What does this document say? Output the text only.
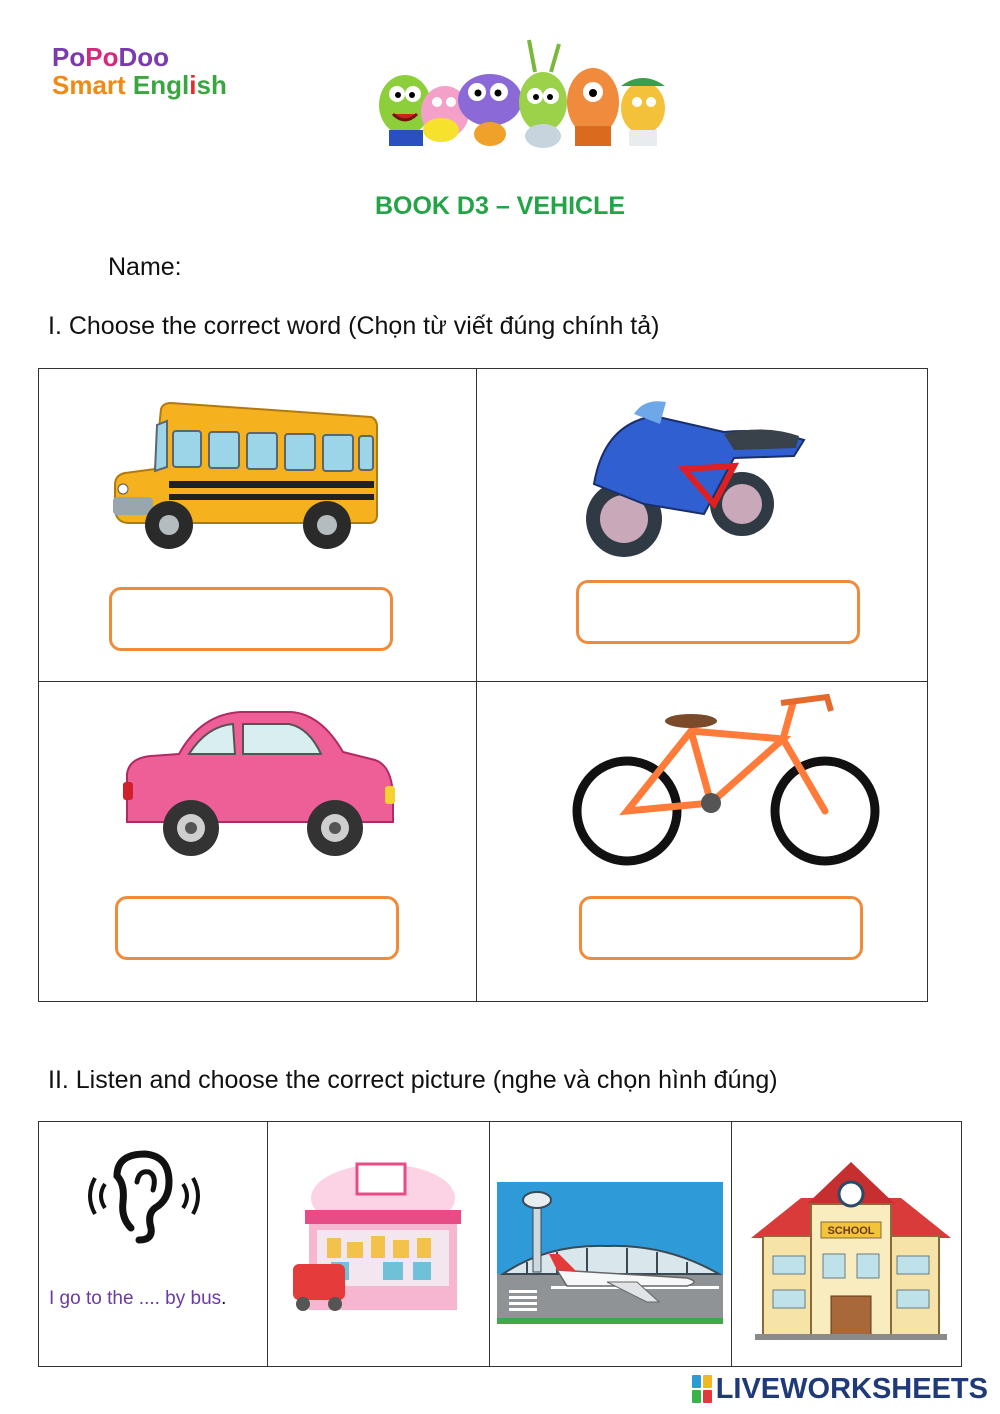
PoPoDoo
Smart English
BOOK D3 – VEHICLE
Name:
I. Choose the correct word (Chọn từ viết đúng chính tả)
II. Listen and choose the correct picture (nghe và chọn hình đúng)
I go to the .... by bus.
SCHOOL
LIVEWORKSHEETS
